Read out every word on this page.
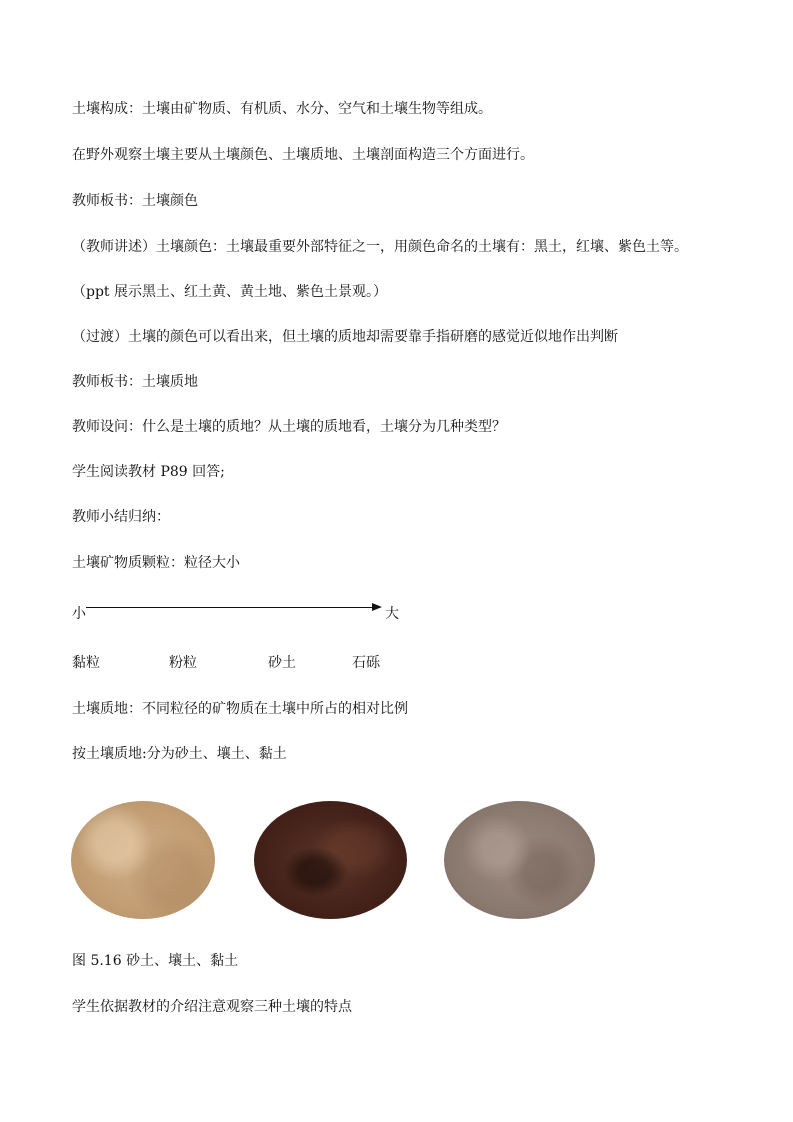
土壤构成：土壤由矿物质、有机质、水分、空气和土壤生物等组成。

在野外观察土壤主要从土壤颜色、土壤质地、土壤剖面构造三个方面进行。

教师板书：土壤颜色

（教师讲述）土壤颜色：土壤最重要外部特征之一，用颜色命名的土壤有：黑土，红壤、紫色土等。

（ppt 展示黑土、红土黄、黄土地、紫色土景观。）

（过渡）土壤的颜色可以看出来，但土壤的质地却需要靠手指研磨的感觉近似地作出判断

教师板书：土壤质地

教师设问：什么是土壤的质地？从土壤的质地看，土壤分为几种类型？

学生阅读教材 P89 回答;

教师小结归纳：

土壤矿物质颗粒：粒径大小

小	大
黏粒	粉粒	砂土	石砾

土壤质地：不同粒径的矿物质在土壤中所占的相对比例

按土壤质地:分为砂土、壤土、黏土

图 5.16 砂土、壤土、黏土

学生依据教材的介绍注意观察三种土壤的特点
